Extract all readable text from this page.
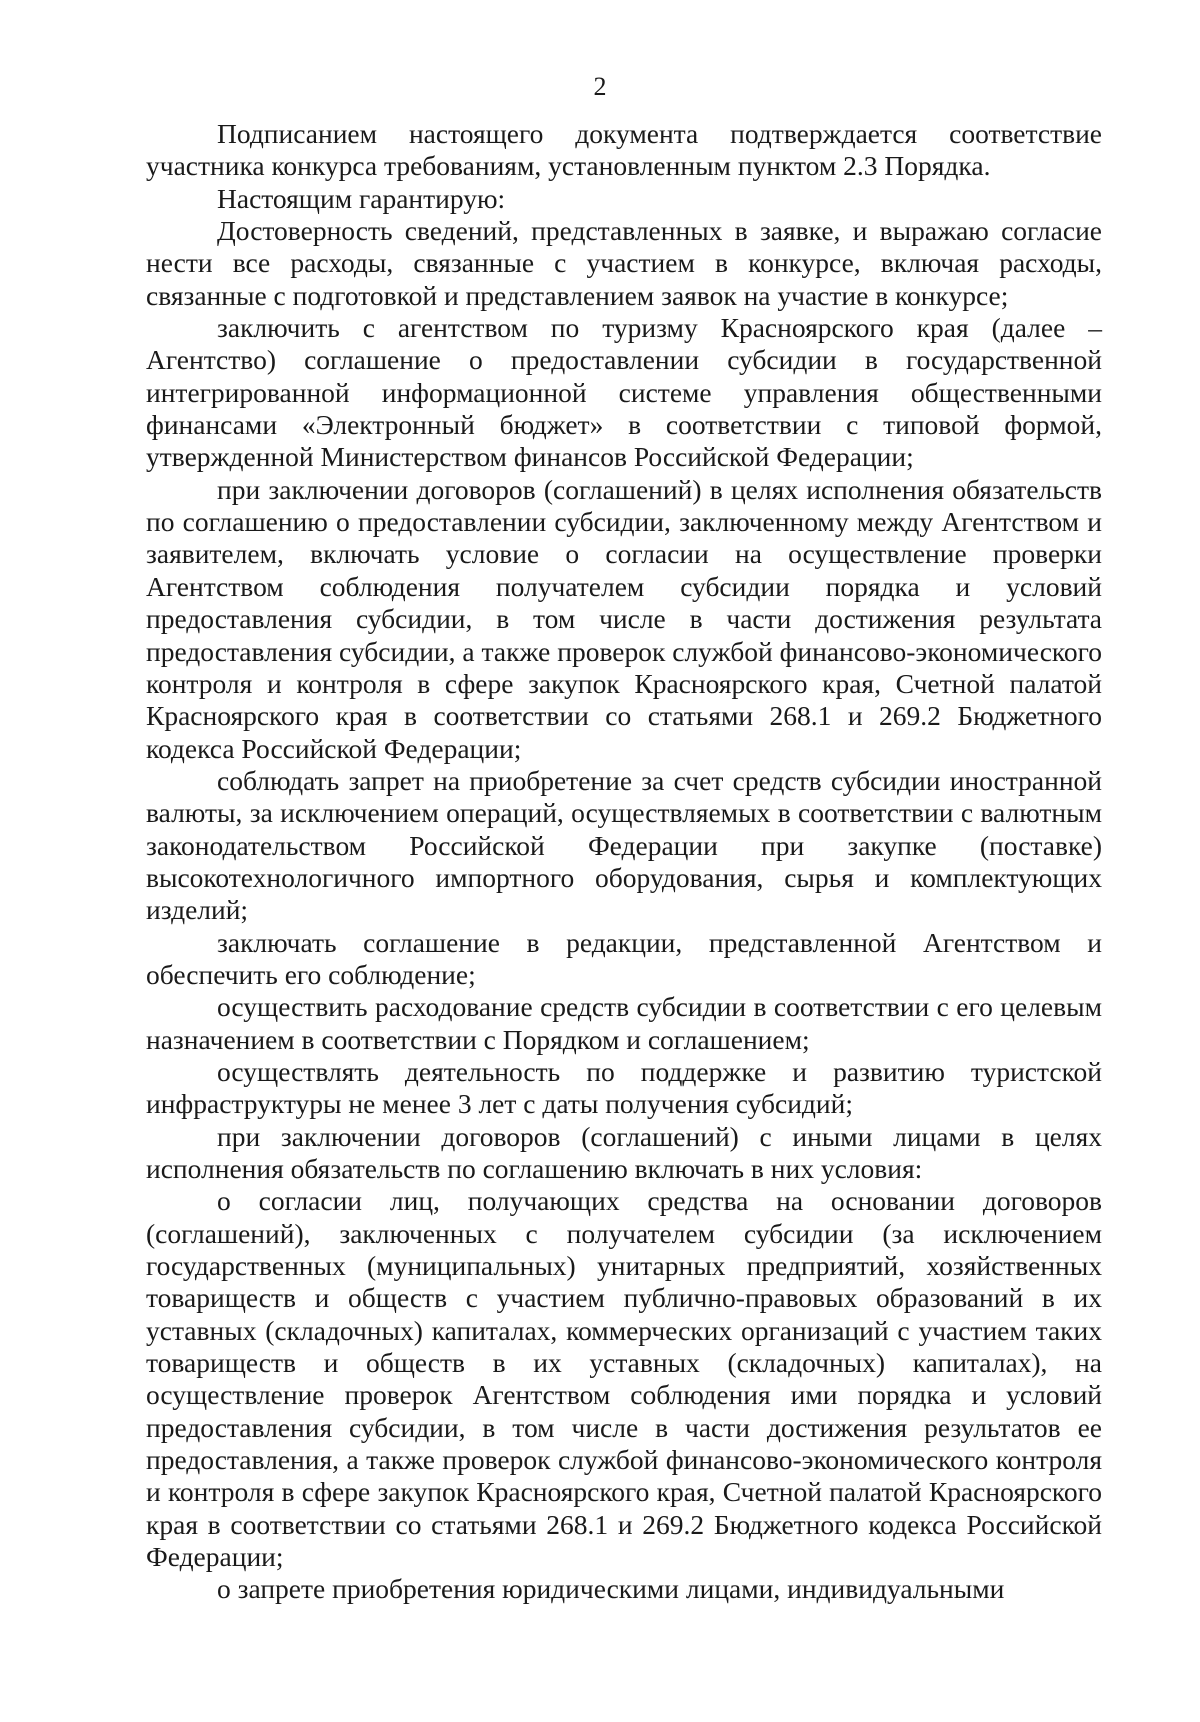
2

Подписанием настоящего документа подтверждается соответствие участника конкурса требованиям, установленным пунктом 2.3 Порядка.

Настоящим гарантирую:

Достоверность сведений, представленных в заявке, и выражаю согласие нести все расходы, связанные с участием в конкурсе, включая расходы, связанные с подготовкой и представлением заявок на участие в конкурсе;

заключить с агентством по туризму Красноярского края (далее – Агентство) соглашение о предоставлении субсидии в государственной интегрированной информационной системе управления общественными финансами «Электронный бюджет» в соответствии с типовой формой, утвержденной Министерством финансов Российской Федерации;

при заключении договоров (соглашений) в целях исполнения обязательств по соглашению о предоставлении субсидии, заключенному между Агентством и заявителем, включать условие о согласии на осуществление проверки Агентством соблюдения получателем субсидии порядка и условий предоставления субсидии, в том числе в части достижения результата предоставления субсидии, а также проверок службой финансово-экономического контроля и контроля в сфере закупок Красноярского края, Счетной палатой Красноярского края в соответствии со статьями 268.1 и 269.2 Бюджетного кодекса Российской Федерации;

соблюдать запрет на приобретение за счет средств субсидии иностранной валюты, за исключением операций, осуществляемых в соответствии с валютным законодательством Российской Федерации при закупке (поставке) высокотехнологичного импортного оборудования, сырья и комплектующих изделий;

заключать соглашение в редакции, представленной Агентством и обеспечить его соблюдение;

осуществить расходование средств субсидии в соответствии с его целевым назначением в соответствии с Порядком и соглашением;

осуществлять деятельность по поддержке и развитию туристской инфраструктуры не менее 3 лет с даты получения субсидий;

при заключении договоров (соглашений) с иными лицами в целях исполнения обязательств по соглашению включать в них условия:

о согласии лиц, получающих средства на основании договоров (соглашений), заключенных с получателем субсидии (за исключением государственных (муниципальных) унитарных предприятий, хозяйственных товариществ и обществ с участием публично-правовых образований в их уставных (складочных) капиталах, коммерческих организаций с участием таких товариществ и обществ в их уставных (складочных) капиталах), на осуществление проверок Агентством соблюдения ими порядка и условий предоставления субсидии, в том числе в части достижения результатов ее предоставления, а также проверок службой финансово-экономического контроля и контроля в сфере закупок Красноярского края, Счетной палатой Красноярского края в соответствии со статьями 268.1 и 269.2 Бюджетного кодекса Российской Федерации;

о запрете приобретения юридическими лицами, индивидуальными
